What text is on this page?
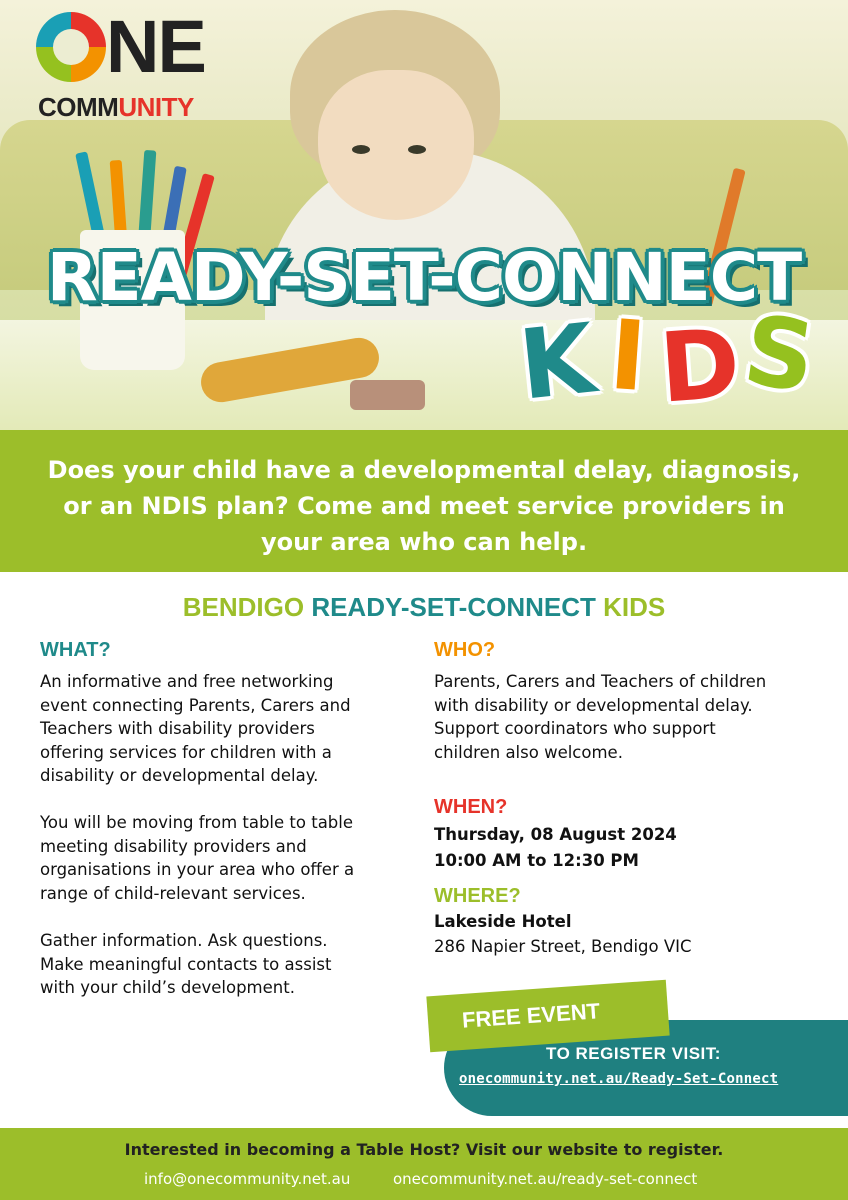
NE
COMMUNITY
READY-SET-CONNECT
K I D
S
Does your child have a developmental delay, diagnosis, or an NDIS plan? Come and meet service providers in your area who can help.
BENDIGO READY-SET-CONNECT KIDS
WHAT?
An informative and free networking
event connecting Parents, Carers and
Teachers with disability providers
offering services for children with a
disability or developmental delay.
You will be moving from table to table
meeting disability providers and
organisations in your area who offer a
range of child-relevant services.
Gather information. Ask questions.
Make meaningful contacts to assist
with your child’s development.
WHO?
Parents, Carers and Teachers of children
with disability or developmental delay.
Support coordinators who support
children also welcome.
WHEN?
Thursday, 08 August 2024
10:00 AM to 12:30 PM
WHERE?
Lakeside Hotel
286 Napier Street, Bendigo VIC
FREE EVENT
TO REGISTER VISIT:
onecommunity.net.au/Ready-Set-Connect
Interested in becoming a Table Host? Visit our website to register.
info@onecommunity.net.au	onecommunity.net.au/ready-set-connect
